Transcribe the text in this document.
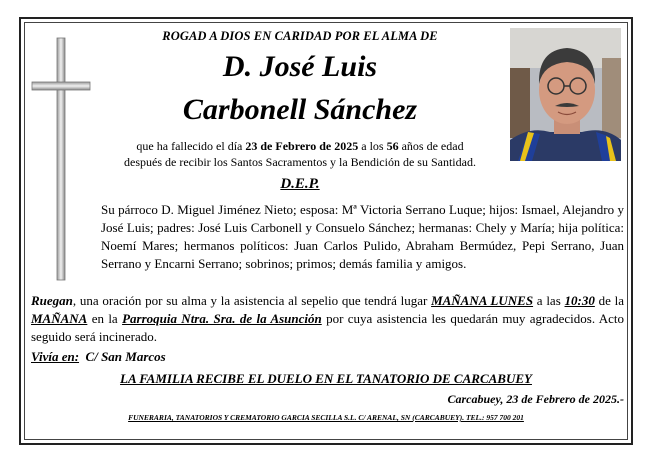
ROGAD A DIOS EN CARIDAD POR EL ALMA DE
D. José Luis
Carbonell Sánchez
que ha fallecido el día 23 de Febrero de 2025 a los 56 años de edad
después de recibir los Santos Sacramentos y la Bendición de su Santidad.
D.E.P.
Su párroco D. Miguel Jiménez Nieto; esposa: Mª Victoria Serrano Luque; hijos: Ismael, Alejandro y José Luis; padres: José Luis Carbonell y Consuelo Sánchez; hermanas: Chely y María; hija política: Noemí Mares; hermanos políticos: Juan Carlos Pulido, Abraham Bermúdez, Pepi Serrano, Juan Serrano y Encarni Serrano; sobrinos; primos; demás familia y amigos.
Ruegan, una oración por su alma y la asistencia al sepelio que tendrá lugar MAÑANA LUNES a las 10:30 de la MAÑANA en la Parroquia Ntra. Sra. de la Asunción por cuya asistencia les quedarán muy agradecidos. Acto seguido será incinerado.
Vivía en: C/ San Marcos
LA FAMILIA RECIBE EL DUELO EN EL TANATORIO DE CARCABUEY
Carcabuey, 23 de Febrero de 2025.-
FUNERARIA, TANATORIOS Y CREMATORIO GARCIA SECILLA S.L. C/ ARENAL, SN (CARCABUEY). TEL.: 957 700 201
